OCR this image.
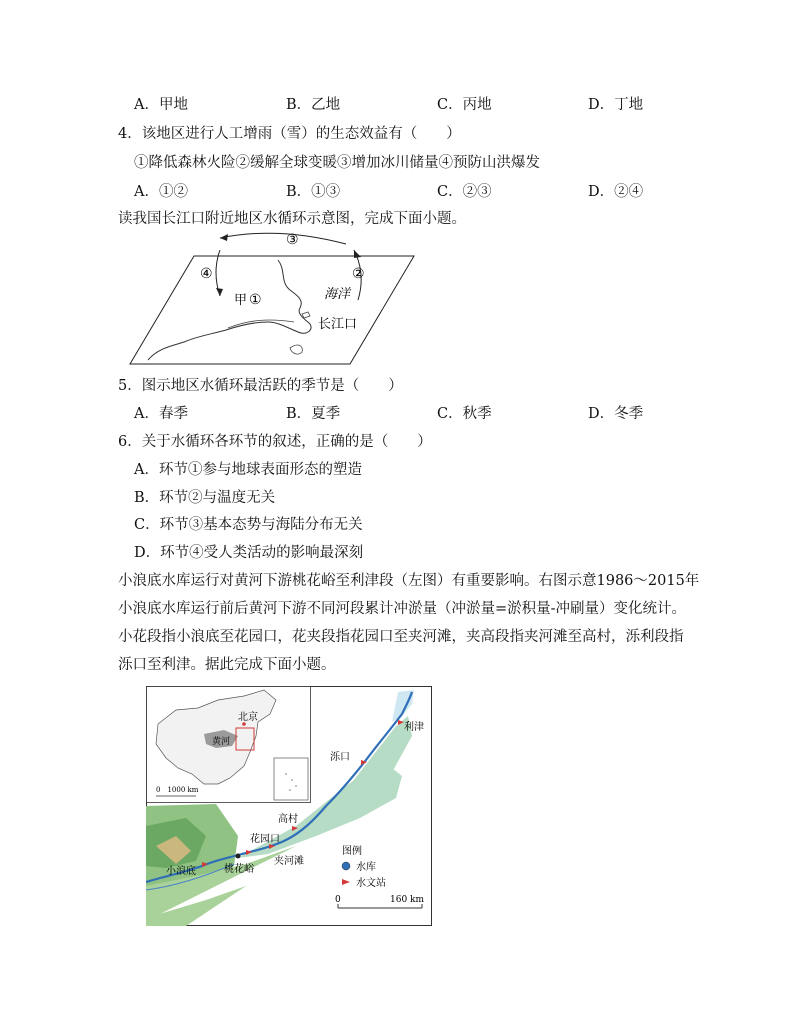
A．甲地	B．乙地	C．丙地	D．丁地
4．该地区进行人工增雨（雪）的生态效益有（　　）
①降低森林火险②缓解全球变暖③增加冰川储量④预防山洪爆发
A．①②	B．①③	C．②③	D．②④
读我国长江口附近地区水循环示意图，完成下面小题。
③
④	②
甲 ①	海洋
长江口
5．图示地区水循环最活跃的季节是（　　）
A．春季	B．夏季	C．秋季	D．冬季
6．关于水循环各环节的叙述，正确的是（　　）
A．环节①参与地球表面形态的塑造
B．环节②与温度无关
C．环节③基本态势与海陆分布无关
D．环节④受人类活动的影响最深刻
小浪底水库运行对黄河下游桃花峪至利津段（左图）有重要影响。右图示意1986～2015年
小浪底水库运行前后黄河下游不同河段累计冲淤量（冲淤量=淤积量-冲刷量）变化统计。
小花段指小浪底至花园口，花夹段指花园口至夹河滩，夹高段指夹河滩至高村，泺利段指
泺口至利津。据此完成下面小题。
北京
黄河
0　1000 km
利津
泺口
高村
花园口
夹河滩
小浪底	桃花峪
图例
水库
水文站
0	160 km
